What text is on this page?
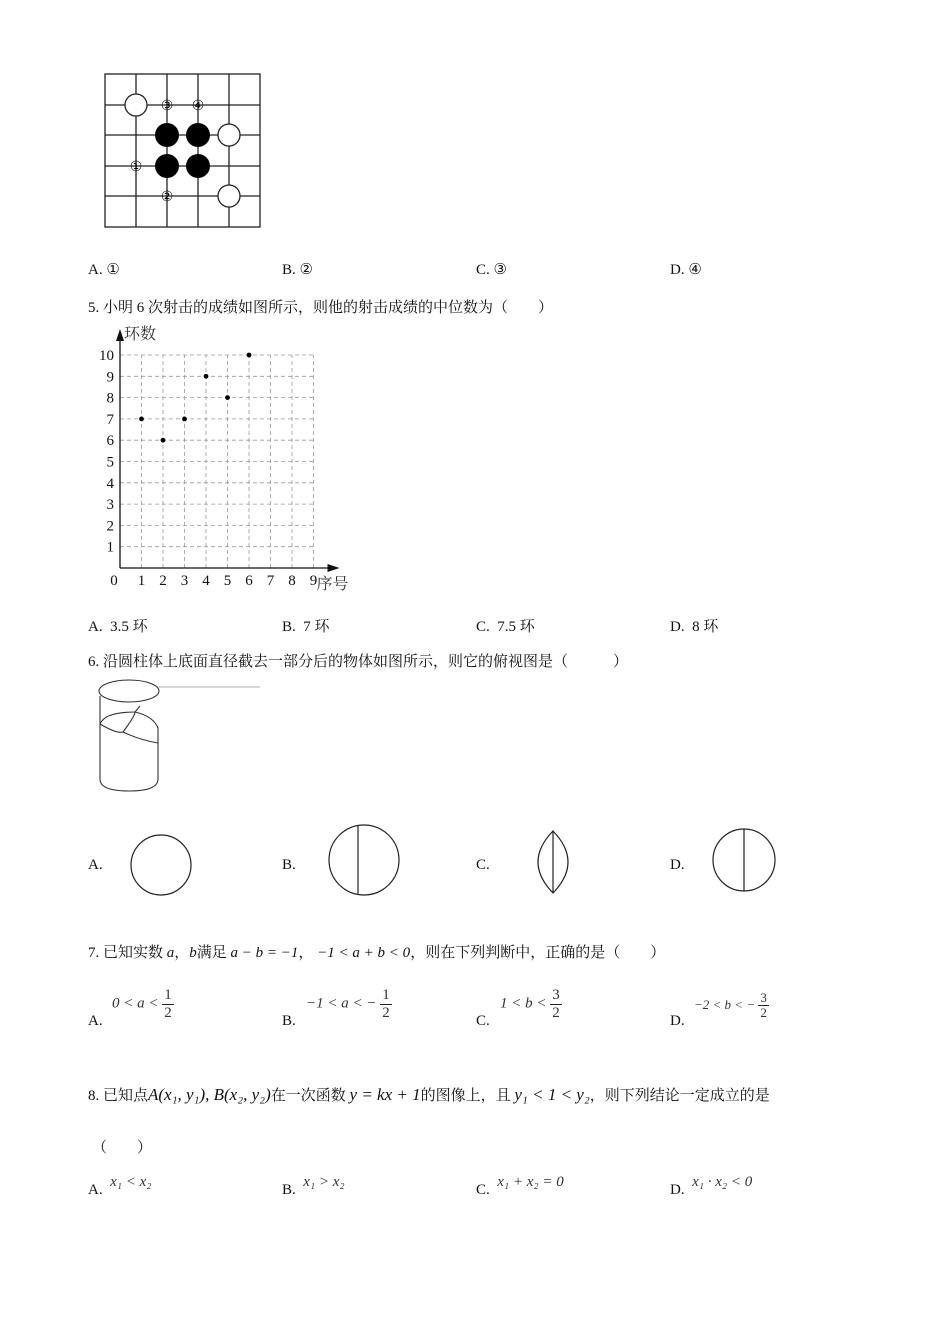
③ ④
①
②
A. ①	B. ②	C. ③	D. ④
5. 小明 6 次射击的成绩如图所示，则他的射击成绩的中位数为（　　）
0 1 2 3 4 5 6 7 8 9
1
2
3
4
5
6
7
8
9
10
环数
序号
A. 3.5 环	B. 7 环	C. 7.5 环	D. 8 环
6. 沿圆柱体上底面直径截去一部分后的物体如图所示，则它的俯视图是（　　　）
A.	B.	C.	D.
7. 已知实数 a，b满足 a − b = −1， −1 < a + b < 0，则在下列判断中，正确的是（　　）
A.
$0 < a < \frac{1}{2}$	B.
−1 < a < − $\frac{1}{2}$	C.
$1 < b < \frac{3}{2}$	D.
−2 < b < − $\frac{3}{2}$
8. 已知点A(x₁, y₁), B(x₂, y₂)在一次函数 y = kx + 1的图像上，且 y₁ < 1 < y₂，则下列结论一定成立的是
（　　）
A. x₁ < x₂	B. x₁ > x₂	C. x₁ + x₂ = 0	D. x₁ · x₂ < 0
